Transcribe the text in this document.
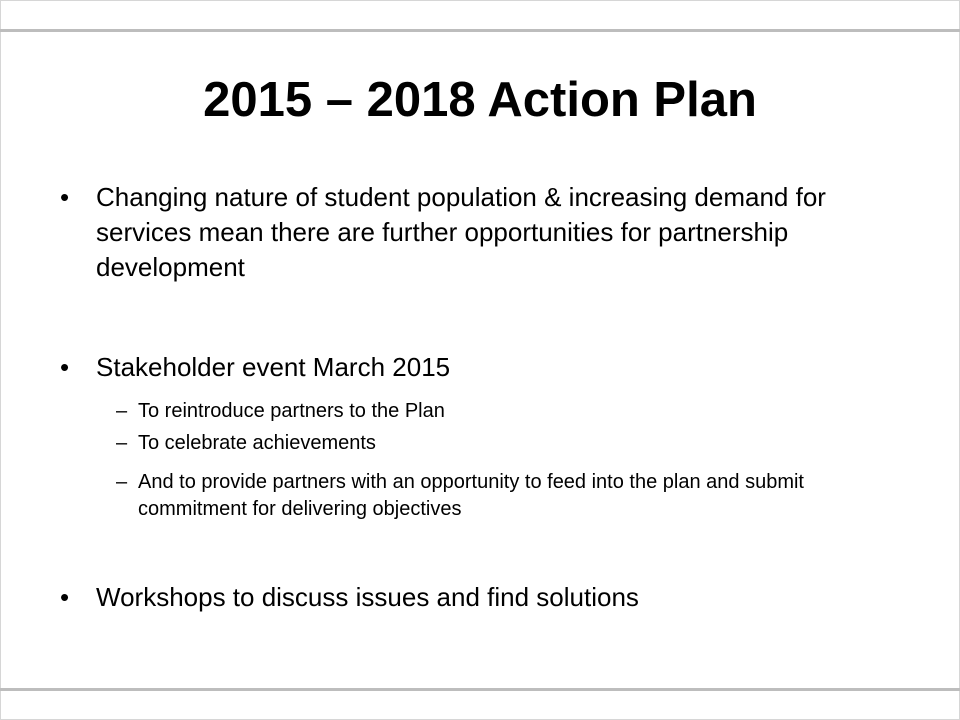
2015 – 2018 Action Plan
•	Changing nature of student population & increasing demand for services mean there are further opportunities for partnership development
•	Stakeholder event March 2015
– To reintroduce partners to the Plan
– To celebrate achievements
– And to provide partners with an opportunity to feed into the plan and submit commitment for delivering objectives
•	Workshops to discuss issues and find solutions
